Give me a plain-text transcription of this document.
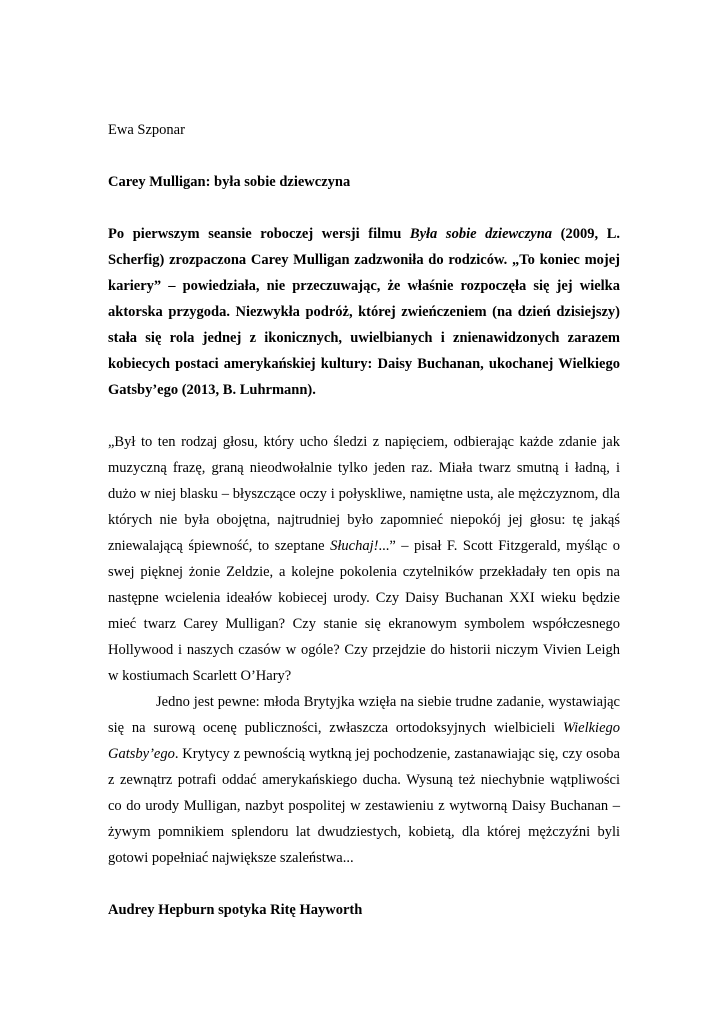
Ewa Szponar

Carey Mulligan: była sobie dziewczyna

Po pierwszym seansie roboczej wersji filmu Była sobie dziewczyna (2009, L. Scherfig) zrozpaczona Carey Mulligan zadzwoniła do rodziców. „To koniec mojej kariery” – powiedziała, nie przeczuwając, że właśnie rozpoczęła się jej wielka aktorska przygoda. Niezwykła podróż, której zwieńczeniem (na dzień dzisiejszy) stała się rola jednej z ikonicznych, uwielbianych i znienawidzonych zarazem kobiecych postaci amerykańskiej kultury: Daisy Buchanan, ukochanej Wielkiego Gatsby’ego (2013, B. Luhrmann).

„Był to ten rodzaj głosu, który ucho śledzi z napięciem, odbierając każde zdanie jak muzyczną frazę, graną nieodwołalnie tylko jeden raz. Miała twarz smutną i ładną, i dużo w niej blasku – błyszczące oczy i połyskliwe, namiętne usta, ale mężczyznom, dla których nie była obojętna, najtrudniej było zapomnieć niepokój jej głosu: tę jakąś zniewalającą śpiewność, to szeptane Słuchaj!...” – pisał F. Scott Fitzgerald, myśląc o swej pięknej żonie Zeldzie, a kolejne pokolenia czytelników przekładały ten opis na następne wcielenia ideałów kobiecej urody. Czy Daisy Buchanan XXI wieku będzie mieć twarz Carey Mulligan? Czy stanie się ekranowym symbolem współczesnego Hollywood i naszych czasów w ogóle? Czy przejdzie do historii niczym Vivien Leigh w kostiumach Scarlett O’Hary?

Jedno jest pewne: młoda Brytyjka wzięła na siebie trudne zadanie, wystawiając się na surową ocenę publiczności, zwłaszcza ortodoksyjnych wielbicieli Wielkiego Gatsby’ego. Krytycy z pewnością wytkną jej pochodzenie, zastanawiając się, czy osoba z zewnątrz potrafi oddać amerykańskiego ducha. Wysuną też niechybnie wątpliwości co do urody Mulligan, nazbyt pospolitej w zestawieniu z wytworną Daisy Buchanan – żywym pomnikiem splendoru lat dwudziestych, kobietą, dla której mężczyźni byli gotowi popełniać największe szaleństwa...

Audrey Hepburn spotyka Ritę Hayworth
